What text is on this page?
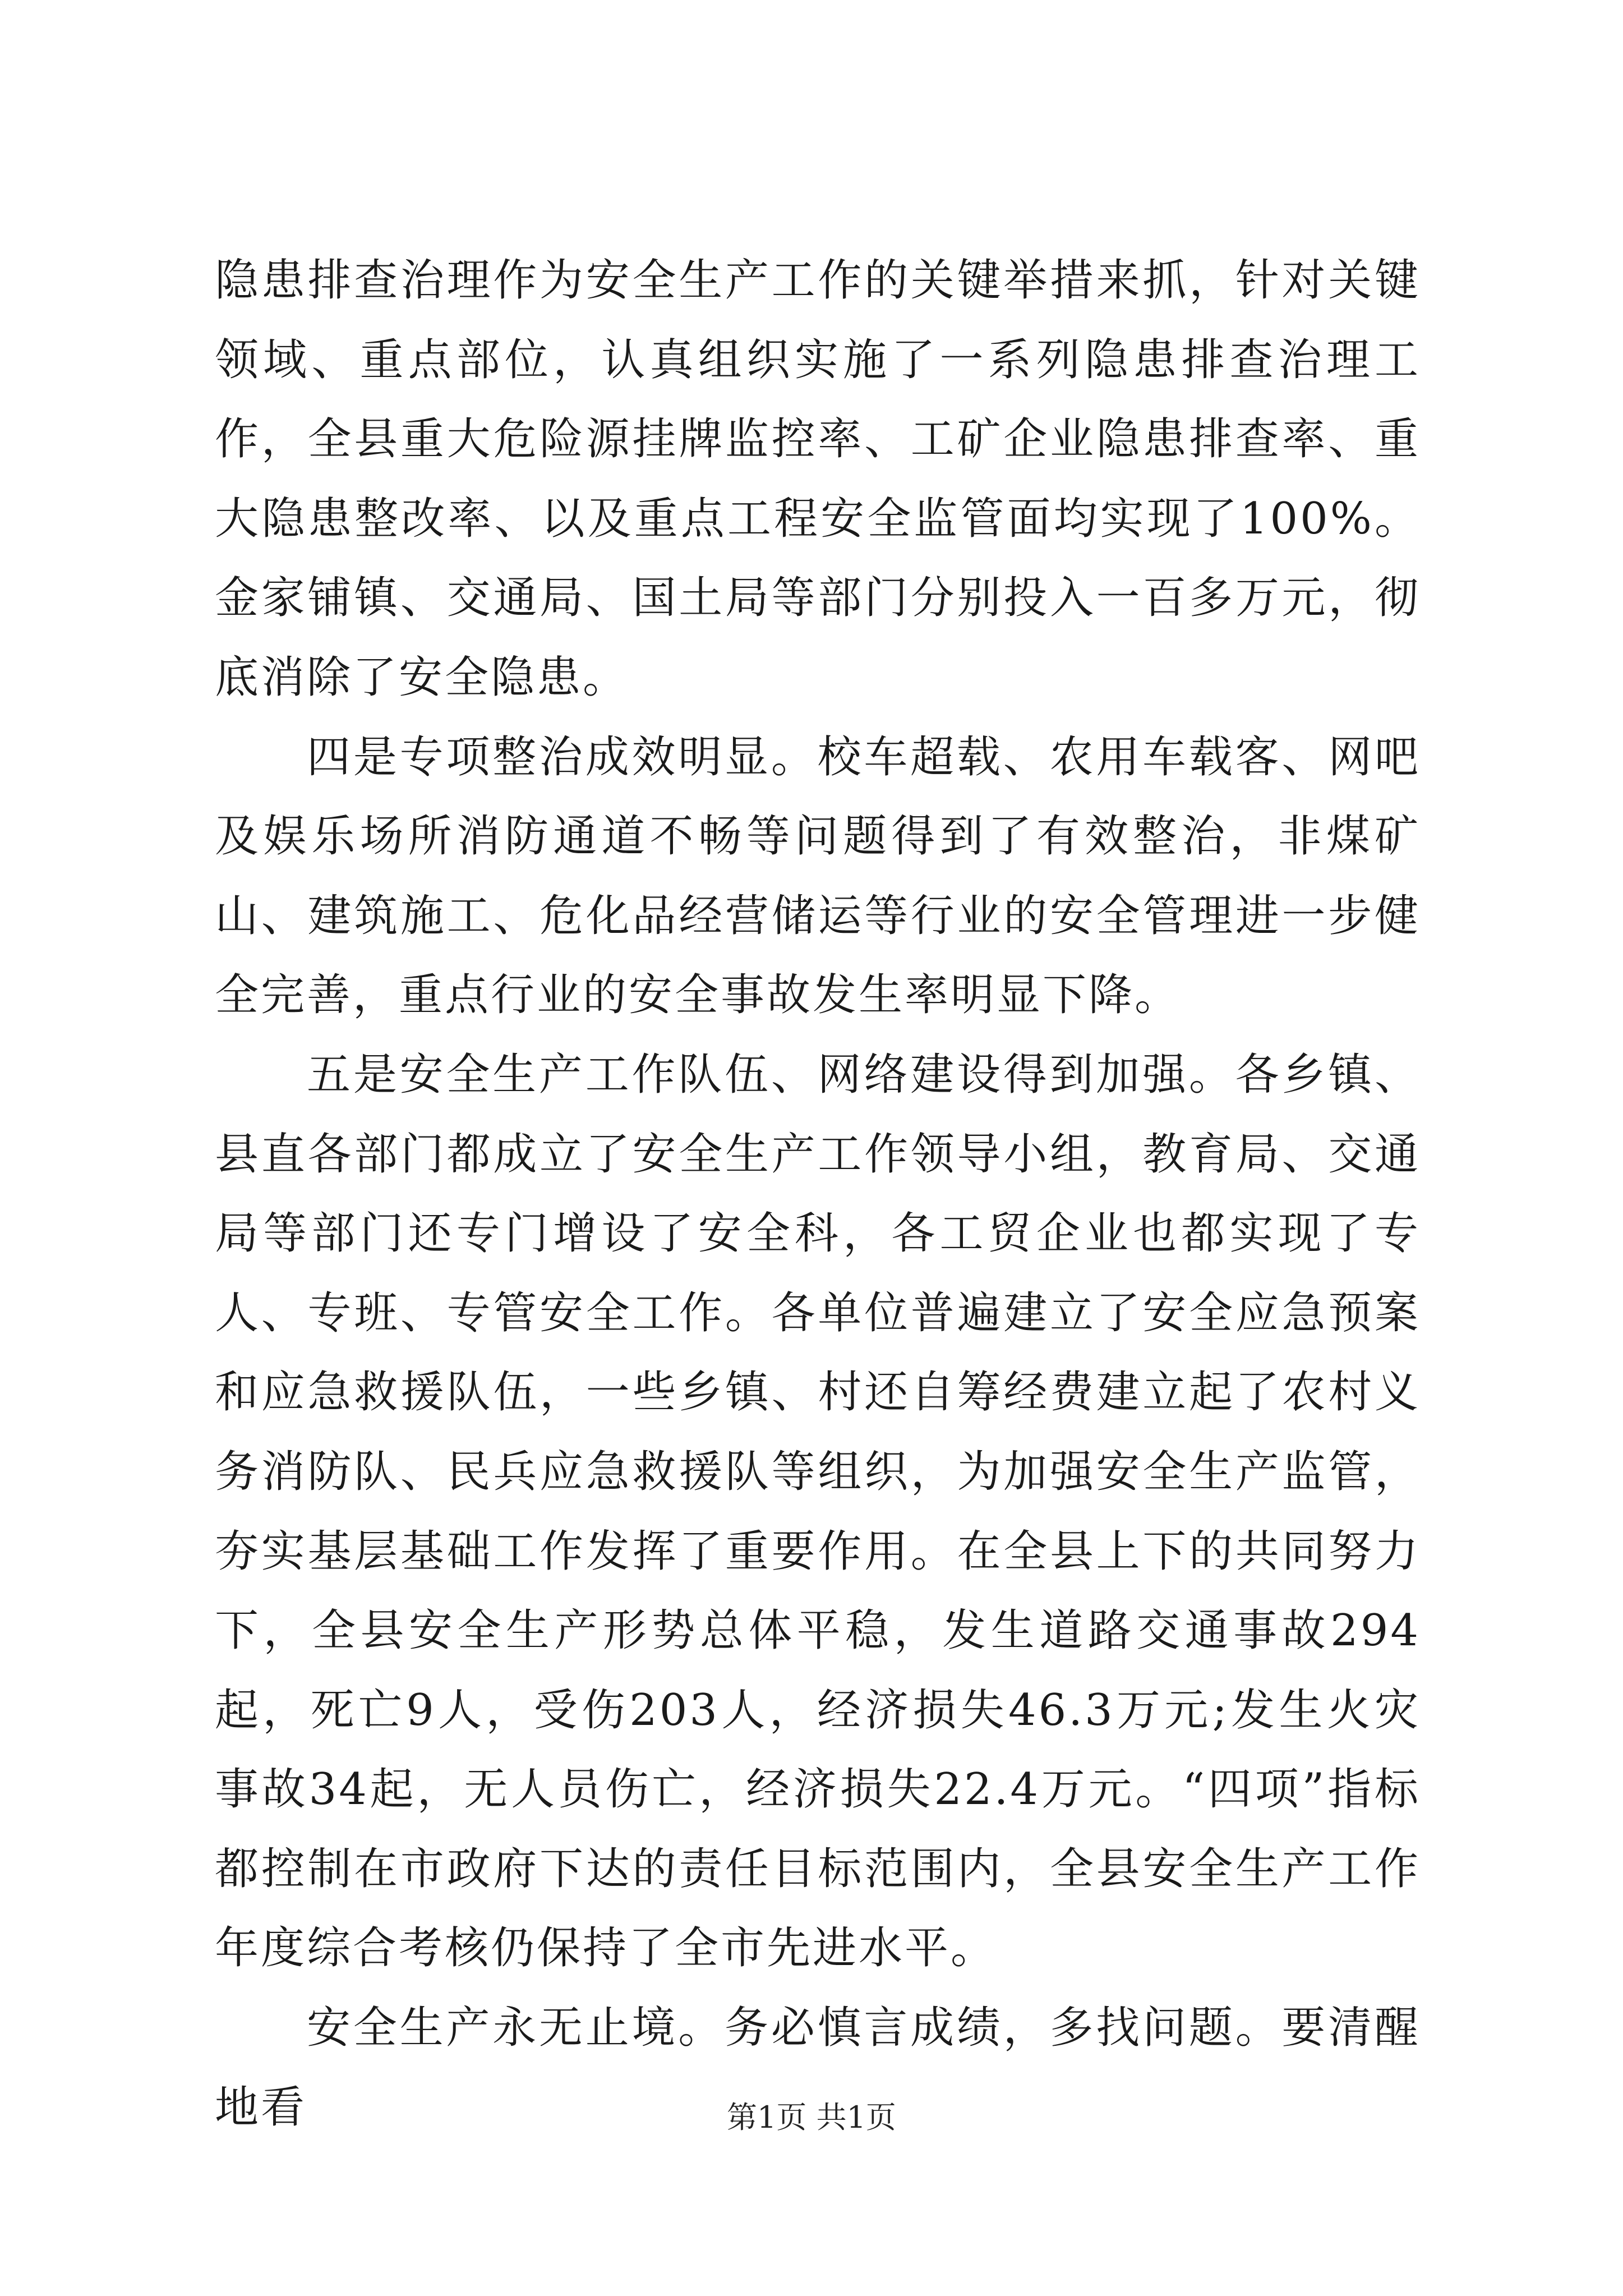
隐患排查治理作为安全生产工作的关键举措来抓，针对关键领域、重点部位，认真组织实施了一系列隐患排查治理工作，全县重大危险源挂牌监控率、工矿企业隐患排查率、重大隐患整改率、以及重点工程安全监管面均实现了100%。金家铺镇、交通局、国土局等部门分别投入一百多万元，彻底消除了安全隐患。

四是专项整治成效明显。校车超载、农用车载客、网吧及娱乐场所消防通道不畅等问题得到了有效整治，非煤矿山、建筑施工、危化品经营储运等行业的安全管理进一步健全完善，重点行业的安全事故发生率明显下降。

五是安全生产工作队伍、网络建设得到加强。各乡镇、县直各部门都成立了安全生产工作领导小组，教育局、交通局等部门还专门增设了安全科，各工贸企业也都实现了专人、专班、专管安全工作。各单位普遍建立了安全应急预案和应急救援队伍，一些乡镇、村还自筹经费建立起了农村义务消防队、民兵应急救援队等组织，为加强安全生产监管，夯实基层基础工作发挥了重要作用。在全县上下的共同努力下，全县安全生产形势总体平稳，发生道路交通事故294起，死亡9人，受伤203人，经济损失46.3万元;发生火灾事故34起，无人员伤亡，经济损失22.4万元。“四项”指标都控制在市政府下达的责任目标范围内，全县安全生产工作年度综合考核仍保持了全市先进水平。

安全生产永无止境。务必慎言成绩，多找问题。要清醒地看	第1页 共1页
